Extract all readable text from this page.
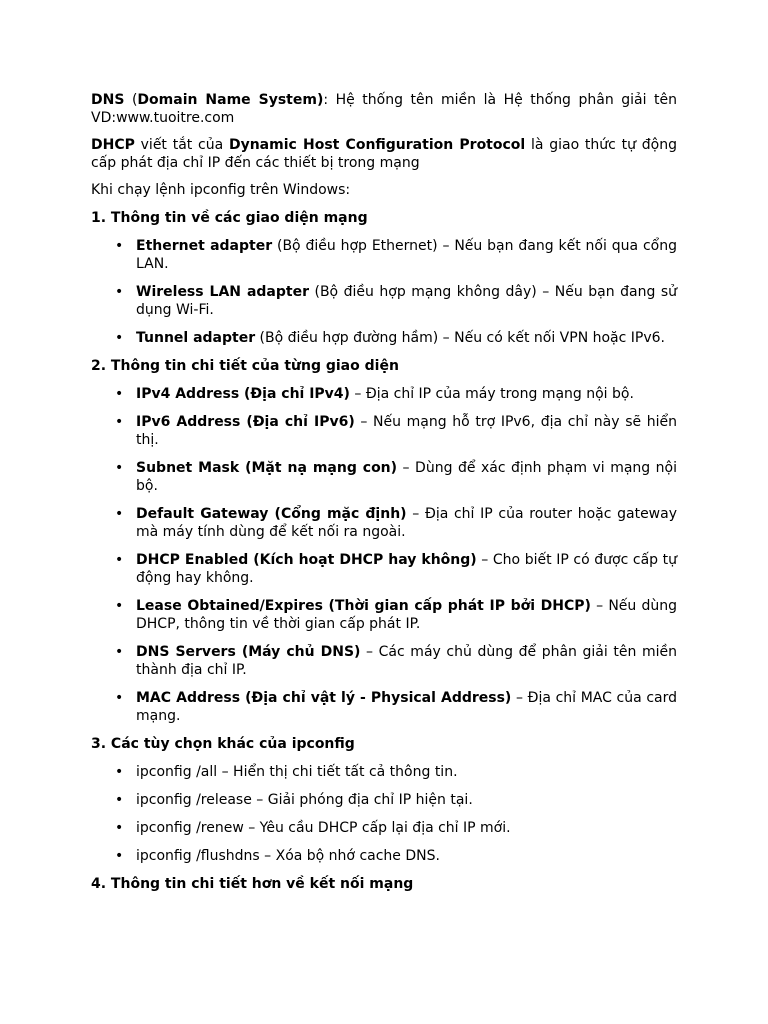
DNS (Domain Name System): Hệ thống tên miền là Hệ thống phân giải tên VD:www.tuoitre.com

DHCP viết tắt của Dynamic Host Configuration Protocol là giao thức tự động cấp phát địa chỉ IP đến các thiết bị trong mạng

Khi chạy lệnh ipconfig trên Windows:

1. Thông tin về các giao diện mạng
• Ethernet adapter (Bộ điều hợp Ethernet) – Nếu bạn đang kết nối qua cổng LAN.
• Wireless LAN adapter (Bộ điều hợp mạng không dây) – Nếu bạn đang sử dụng Wi-Fi.
• Tunnel adapter (Bộ điều hợp đường hầm) – Nếu có kết nối VPN hoặc IPv6.
2. Thông tin chi tiết của từng giao diện
• IPv4 Address (Địa chỉ IPv4) – Địa chỉ IP của máy trong mạng nội bộ.
• IPv6 Address (Địa chỉ IPv6) – Nếu mạng hỗ trợ IPv6, địa chỉ này sẽ hiển thị.
• Subnet Mask (Mặt nạ mạng con) – Dùng để xác định phạm vi mạng nội bộ.
• Default Gateway (Cổng mặc định) – Địa chỉ IP của router hoặc gateway mà máy tính dùng để kết nối ra ngoài.
• DHCP Enabled (Kích hoạt DHCP hay không) – Cho biết IP có được cấp tự động hay không.
• Lease Obtained/Expires (Thời gian cấp phát IP bởi DHCP) – Nếu dùng DHCP, thông tin về thời gian cấp phát IP.
• DNS Servers (Máy chủ DNS) – Các máy chủ dùng để phân giải tên miền thành địa chỉ IP.
• MAC Address (Địa chỉ vật lý - Physical Address) – Địa chỉ MAC của card mạng.
3. Các tùy chọn khác của ipconfig
• ipconfig /all – Hiển thị chi tiết tất cả thông tin.
• ipconfig /release – Giải phóng địa chỉ IP hiện tại.
• ipconfig /renew – Yêu cầu DHCP cấp lại địa chỉ IP mới.
• ipconfig /flushdns – Xóa bộ nhớ cache DNS.
4. Thông tin chi tiết hơn về kết nối mạng
